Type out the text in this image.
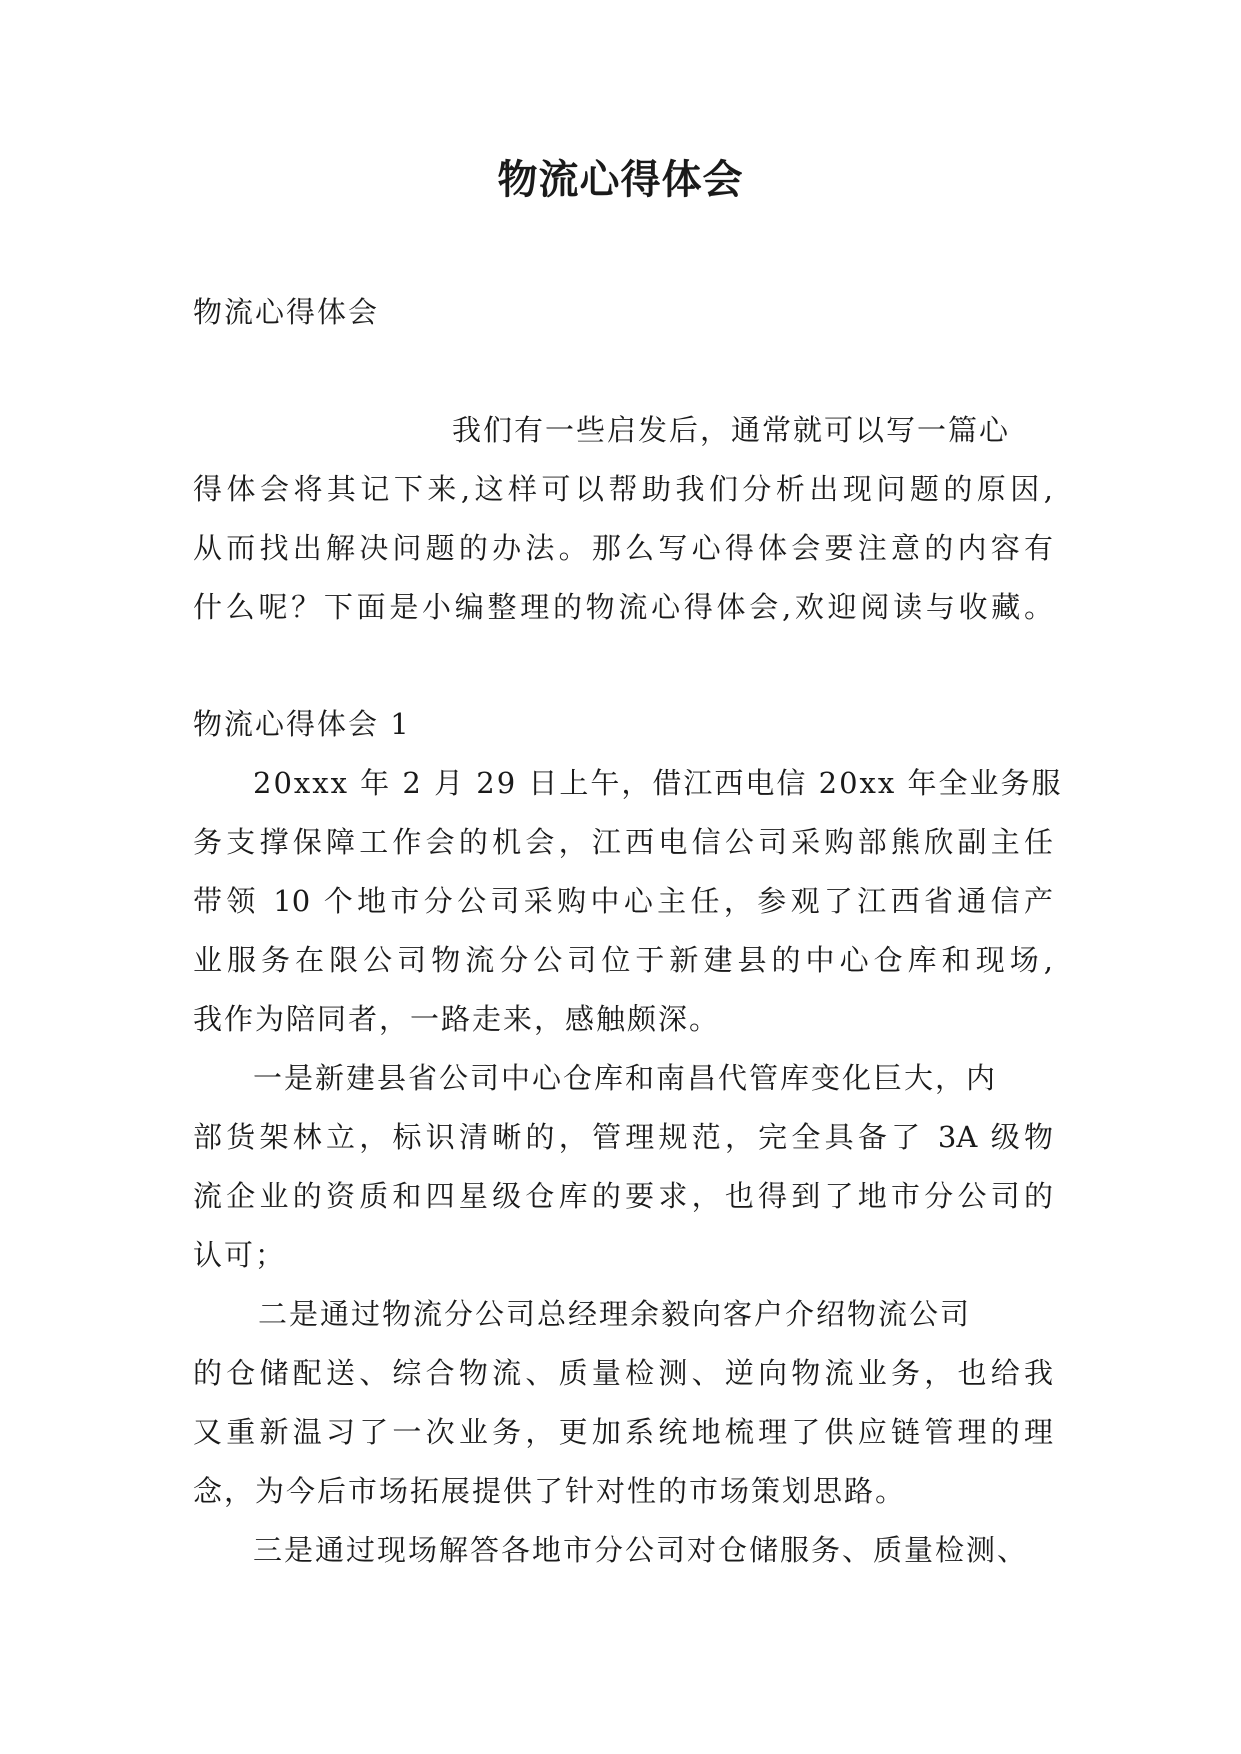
物流心得体会
物流心得体会
我们有一些启发后，通常就可以写一篇心
得体会将其记下来,这样可以帮助我们分析出现问题的原因,
从而找出解决问题的办法。那么写心得体会要注意的内容有
什么呢？下面是小编整理的物流心得体会,欢迎阅读与收藏。
物流心得体会 1
20xxx 年 2 月 29 日上午，借江西电信 20xx 年全业务服
务支撑保障工作会的机会，江西电信公司采购部熊欣副主任
带领 10 个地市分公司采购中心主任，参观了江西省通信产
业服务在限公司物流分公司位于新建县的中心仓库和现场,
我作为陪同者，一路走来，感触颇深。
一是新建县省公司中心仓库和南昌代管库变化巨大，内
部货架林立，标识清晰的，管理规范，完全具备了 3A 级物
流企业的资质和四星级仓库的要求，也得到了地市分公司的
认可；
二是通过物流分公司总经理余毅向客户介绍物流公司
的仓储配送、综合物流、质量检测、逆向物流业务，也给我
又重新温习了一次业务，更加系统地梳理了供应链管理的理
念，为今后市场拓展提供了针对性的市场策划思路。
三是通过现场解答各地市分公司对仓储服务、质量检测、
